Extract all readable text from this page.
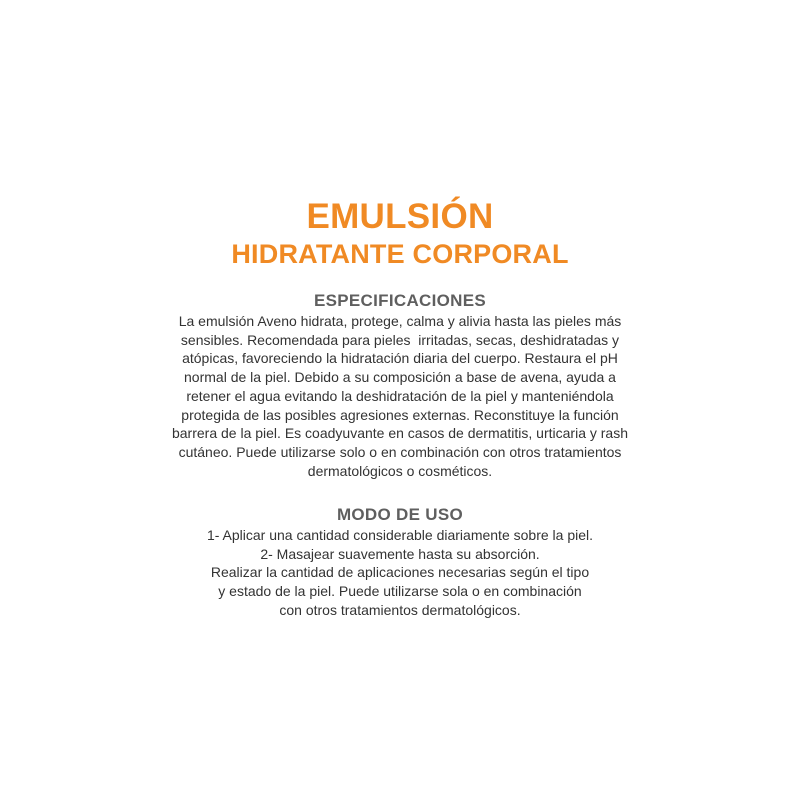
EMULSIÓN
HIDRATANTE CORPORAL
ESPECIFICACIONES
La emulsión Aveno hidrata, protege, calma y alivia hasta las pieles más
sensibles. Recomendada para pieles  irritadas, secas, deshidratadas y
atópicas, favoreciendo la hidratación diaria del cuerpo. Restaura el pH
normal de la piel. Debido a su composición a base de avena, ayuda a
retener el agua evitando la deshidratación de la piel y manteniéndola
protegida de las posibles agresiones externas. Reconstituye la función
barrera de la piel. Es coadyuvante en casos de dermatitis, urticaria y rash
cutáneo. Puede utilizarse solo o en combinación con otros tratamientos
dermatológicos o cosméticos.
MODO DE USO
1- Aplicar una cantidad considerable diariamente sobre la piel.
2- Masajear suavemente hasta su absorción.
Realizar la cantidad de aplicaciones necesarias según el tipo
y estado de la piel. Puede utilizarse sola o en combinación
con otros tratamientos dermatológicos.
